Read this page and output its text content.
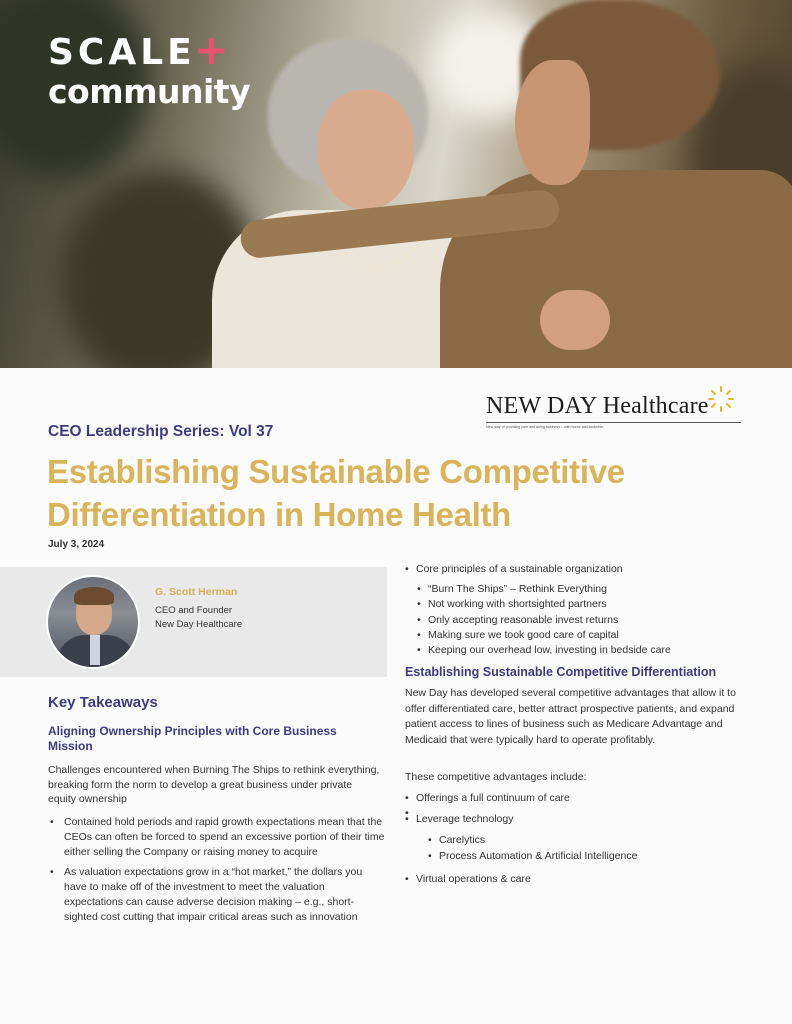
SCALE+
community
NEW DAY Healthcare
New way of providing care and doing business – with honor and kindness.
CEO Leadership Series: Vol 37
Establishing Sustainable Competitive
Differentiation in Home Health
July 3, 2024
G. Scott Herman
CEO and Founder
New Day Healthcare
Key Takeaways
Aligning Ownership Principles with Core Business Mission
Challenges encountered when Burning The Ships to rethink everything, breaking form the norm to develop a great business under private equity ownership
• Contained hold periods and rapid growth expectations mean that the CEOs can often be forced to spend an excessive portion of their time either selling the Company or raising money to acquire
• As valuation expectations grow in a “hot market,” the dollars you have to make off of the investment to meet the valuation expectations can cause adverse decision making – e.g., short-sighted cost cutting that impair critical areas such as innovation
• Core principles of a sustainable organization
• “Burn The Ships” – Rethink Everything
• Not working with shortsighted partners
• Only accepting reasonable invest returns
• Making sure we took good care of capital
• Keeping our overhead low, investing in bedside care
Establishing Sustainable Competitive Differentiation
New Day has developed several competitive advantages that allow it to offer differentiated care, better attract prospective patients, and expand patient access to lines of business such as Medicare Advantage and Medicaid that were typically hard to operate profitably.
These competitive advantages include:
• Offerings a full continuum of care
•
• Leverage technology
• Carelytics
• Process Automation & Artificial Intelligence
• Virtual operations & care
